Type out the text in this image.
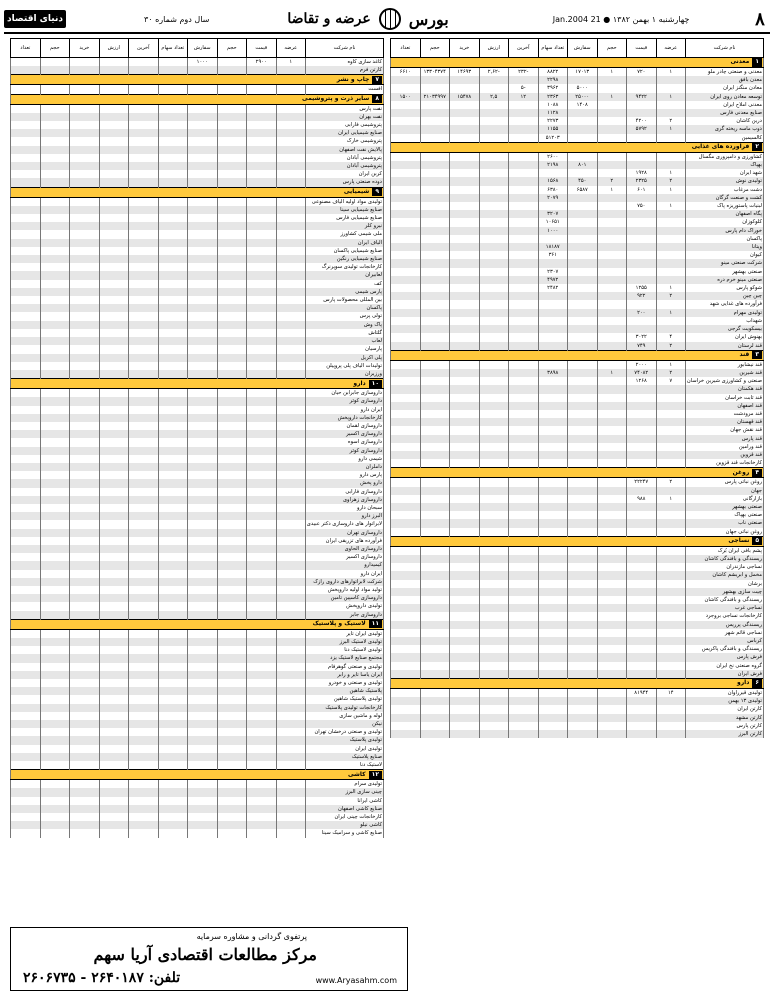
۸
چهارشنبه ۱ بهمن ۱۳۸۲ ● 21 Jan.2004
بورس
عرضه و تقاضا
سال دوم شماره ۳۰
دنیای اقتصاد
نام شرکت	عرضه	قیمت	حجم	سفارش	تعداد سهام	آخرین	ارزش	خرید	حجم	تعداد
۱معدنی										
معدنی و صنعتی چادر ملو	۱	۷۲۰	۱	۱۷۰۱۳	۸۸۲۲	-۲۳۲	-۲,۶۲	۱۴۶۹۳	۱۳۳۰۴۳۷۴	۶۶۱۰
معدن بافق					۲۲۹۸					
معادن منگنز ایران				۵۰۰۰	۳۹۶۲	-۵				
توسعه معادن روی ایران	۱	۹۴۲۲	۱	۲۵۰۰۰	۲۳۶۳	۱۲	۲,۵	۱۵۴۷۸	۲۱۰۳۴۹۹۷	۱۵۰۰
معدنی املاح ایران				۱۴۰۸	۱۰۸۸					
صنایع معدنی فارس					۱۱۲۸					
درین کاشان	۲	۴۲۰۰			۲۲۷۳					
ذوب ماسه ریخته گری	۱	۵۷۹۲			۱۱۵۵					
کالسیمین					۵۱۲۰۳					
۲فرآورده های غذایی										
کشاورزی و دامپروری مگسال					۲۶۰۰					
بهپاک				۸۰۱	۲۱۹۸					
شهد ایران	۱	۱۹۲۸								
تولیدی نوش	۲	۲۳۲۵	۲	۴۵۰	۱۵۶۸					
دشت مرغاب	۱	۶۰۱	۱	۶۵۸۷	۶۳۸۰					
کشت و صنعت گرگان					۲۰۷۹					
لبنیات پاستوریزه پاک	۱	۷۵۰								
پگاه اصفهان					۳۲۰۷					
کلوکوزان					۱۰۶۵۱					
خوراک دام پارس					۱۰۰۰					
پاکسان										
ویتانا					۱۸۱۸۷					
کیوان					۳۶۱					
شرکت صنعتی مینو										
صنعتی بهشهر					۲۳۰۷					
صنعتی مینو خرم دره					۴۹۷۲					
شوکو پارس	۱	۱۲۵۵			۲۴۸۲					
چین چین	۲	۹۲۲								
فرآورده های غذایی شهد										
تولیدی مهرام	۱	۲۰۰								
شهداب										
بیسکویت گرجی										
بهنوش ایران	۴	۳۰۲۲								
قند لرستان	۲	۷۴۹								
۳قند										
قند نیشابور	۱	۲۰۰۰								
قند شیرین	۲	۷۴۰۸۲	۱		۳۸۹۸					
صنعتی و کشاورزی شیرین خراسان	۷	۱۲۶۸								
قند هکمتان										
قند ثابت خراسان										
قند اصفهان										
قند مرودشت										
قند قهستان										
قند نقش جهان										
قند پارس										
قند ورامین										
قند قزوین										
کارخانجات قند قزوین										
۴روغن										
روغن نباتی پارس	۲	۲۲۲۴۷								
جهان										
بازارگانی	۱	۹۸۸								
صنعتی بهشهر										
صنعتی بهپاک										
صنعتی ناب										
روغن نباتی جهان										
۵نساجی										
پشم بافی ایران بُرک										
ریسندگی و بافندگی کاشان										
نساجی مازندران										
مخمل و ابریشم کاشان										
برشان										
چیت سازی بهشهر										
ریسندگی و بافندگی کاشان										
نساجی غرب										
کارخانجات نساجی بروجرد										
ریسندگی پرریس										
نساجی قائم شهر										
کرباس										
ریسندگی و بافندگی پاکریس										
فرش پارس										
گروه صنعتی نخ ایران										
فرش ایران										
۶دارو										
تولیدی قیرراوان	۱۴	۸۱۹۴۴								
تولیدی ۱۳ بهمن										
کارتن ایران										
کارتن مشهد										
کارتن پارس										
کارتن البرز										
نام شرکت	عرضه	قیمت	حجم	سفارش	تعداد سهام	آخرین	ارزش	خرید	حجم	تعداد
کاغذ سازی کاوه	۱	۲۹۰۰		۱۰۰۰						
کارتن فرم										
۷چاپ و نشر										
افست										
۸سایر ذرت و پتروشیمی										
نفت پارس										
نفت بهران										
پتروشیمی فارابی										
صنایع شیمیایی ایران										
پتروشیمی خارک										
پالایش نفت اصفهان										
پتروشیمی آبادان										
پتروشیمی آبادان										
کربن ایران										
دوده صنعتی پارس										
۹شیمیایی										
تولیدی مواد اولیه الیاف مصنوعی										
صنایع شیمیایی سینا										
صنایع شیمیایی فارس										
نیرو کلر										
ملی شیمی کشاورز										
الیاف ایران										
صنایع شیمیایی پاکسان										
صنایع شیمیایی رنگین										
کارخانجات تولیدی سوپرنرگ										
لعابیران										
کف										
پارس شیمی										
بین المللی محصولات پارس										
پاکسان										
تولی پرس										
پاک وش										
گلتاش										
لعاب										
پارسیان										
پلی اکریل										
تولیدات الیاف پلی پروپیلن										
ورزیران										
۱۰دارو										
داروسازی جابرابن حیان										
داروسازی کوثر										
ایران دارو										
کارخانجات داروپخش										
داروسازی لقمان										
داروسازی اکسیر										
داروسازی اسوه										
داروسازی کوثر										
شیمی دارو										
داملران										
پارس دارو										
دارو پخش										
داروسازی فارابی										
داروسازی زهراوی										
سبحان دارو										
البرز دارو										
لابراتوار های داروسازی دکتر عبیدی										
داروسازی تهران										
فرآورده های تزریقی ایران										
داروسازی الحاوی										
داروسازی اکسیر										
کیمیدارو										
ایران دارو										
شرکت لابراتوارهای داروی رازک										
تولید مواد اولیه داروپخش										
داروسازی کاسپین تامین										
تولیدی داروپخش										
داروسازی جابر										
۱۱لاستیک و پلاستیک										
تولیدی ایران تایر										
تولیدی لاستیک البرز										
تولیدی لاستیک دنا										
مجتمع صنایع لاستیک یزد										
تولیدی و صنعتی گوهرفام										
ایران یاسا تایر و رابر										
تولیدی و صنعتی و خودرو										
پلاستیک شاهین										
تولیدی پلاستیک شاهین										
کارخانجات تولیدی پلاستیک										
لوله و ماشین سازی										
نیکن										
تولیدی و صنعتی درخشان تهران										
تولیدی پلاستیک										
تولیدی ایران										
صنایع پلاستیک										
لاستیک دنا										
۱۲کاشی										
تولیدی سرام										
چینی سازی البرز										
کاشی ایرانا										
صنایع کاشی اصفهان										
کارخانجات چینی ایران										
کاشی نیلو										
صنایع کاشی و سرامیک سینا										
پرتفوی گردانی و مشاوره سرمایه
مرکز مطالعات اقتصادی آریا سهم
تلفن: ۲۶۴۰۱۸۷ - ۲۶۰۶۷۳۵	www.Aryasahm.com
